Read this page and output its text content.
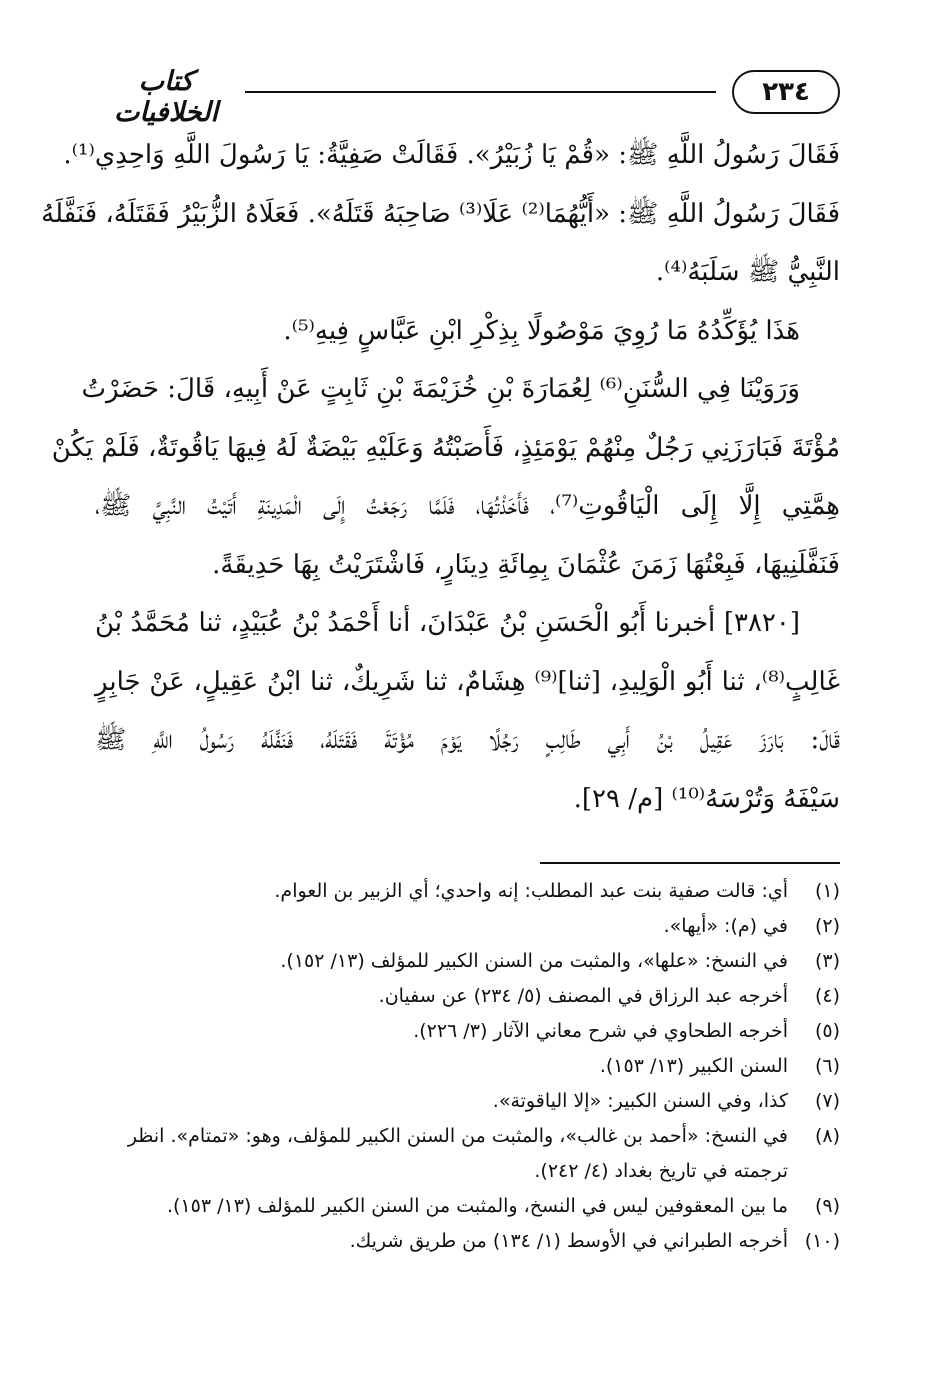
٢٣٤
كتاب الخلافيات
فَقَالَ رَسُولُ اللَّهِ ﷺ: «قُمْ يَا زُبَيْرُ». فَقَالَتْ صَفِيَّةُ: يَا رَسُولَ اللَّهِ وَاحِدِي⁽¹⁾.
فَقَالَ رَسُولُ اللَّهِ ﷺ: «أَيُّهُمَا⁽²⁾ عَلَا⁽³⁾ صَاحِبَهُ قَتَلَهُ». فَعَلَاهُ الزُّبَيْرُ فَقَتَلَهُ، فَنَفَّلَهُ
النَّبِيُّ ﷺ سَلَبَهُ⁽⁴⁾.
هَذَا يُؤَكِّدُهُ مَا رُوِيَ مَوْصُولًا بِذِكْرِ ابْنِ عَبَّاسٍ فِيهِ⁽⁵⁾.
وَرَوَيْنَا فِي السُّنَنِ⁽⁶⁾ لِعُمَارَةَ بْنِ خُزَيْمَةَ بْنِ ثَابِتٍ عَنْ أَبِيهِ، قَالَ: حَضَرْتُ
مُؤْتَةَ فَبَارَزَنِي رَجُلٌ مِنْهُمْ يَوْمَئِذٍ، فَأَصَبْتُهُ وَعَلَيْهِ بَيْضَةٌ لَهُ فِيهَا يَاقُوتَةٌ، فَلَمْ يَكُنْ
هِمَّتِي إِلَّا إِلَى الْيَاقُوتِ⁽⁷⁾، فَأَخَذْتُهَا، فَلَمَّا رَجَعْتُ إِلَى الْمَدِينَةِ أَتَيْتُ النَّبِيَّ ﷺ،
فَنَفَّلَنِيهَا، فَبِعْتُهَا زَمَنَ عُثْمَانَ بِمِائَةِ دِينَارٍ، فَاشْتَرَيْتُ بِهَا حَدِيقَةً.
[٣٨٢٠] أخبرنا أَبُو الْحَسَنِ بْنُ عَبْدَانَ، أنا أَحْمَدُ بْنُ عُبَيْدٍ، ثنا مُحَمَّدُ بْنُ
غَالِبٍ⁽⁸⁾، ثنا أَبُو الْوَلِيدِ، [ثنا]⁽⁹⁾ هِشَامٌ، ثنا شَرِيكٌ، ثنا ابْنُ عَقِيلٍ، عَنْ جَابِرٍ
قَالَ: بَارَزَ عَقِيلُ بْنُ أَبِي طَالِبٍ رَجُلًا يَوْمَ مُؤْتَةَ فَقَتَلَهُ، فَنَفَّلَهُ رَسُولُ اللَّهِ ﷺ
سَيْفَهُ وَتُرْسَهُ⁽¹⁰⁾ [م/ ٢٩].
(١)
أي: قالت صفية بنت عبد المطلب: إنه واحدي؛ أي الزبير بن العوام.
(٢)
في (م): «أيها».
(٣)
في النسخ: «علها»، والمثبت من السنن الكبير للمؤلف (١٣/ ١٥٢).
(٤)
أخرجه عبد الرزاق في المصنف (٥/ ٢٣٤) عن سفيان.
(٥)
أخرجه الطحاوي في شرح معاني الآثار (٣/ ٢٢٦).
(٦)
السنن الكبير (١٣/ ١٥٣).
(٧)
كذا، وفي السنن الكبير: «إلا الياقوتة».
(٨)
في النسخ: «أحمد بن غالب»، والمثبت من السنن الكبير للمؤلف، وهو: «تمتام». انظر
ترجمته في تاريخ بغداد (٤/ ٢٤٢).
(٩)
ما بين المعقوفين ليس في النسخ، والمثبت من السنن الكبير للمؤلف (١٣/ ١٥٣).
(١٠)
أخرجه الطبراني في الأوسط (١/ ١٣٤) من طريق شريك.
